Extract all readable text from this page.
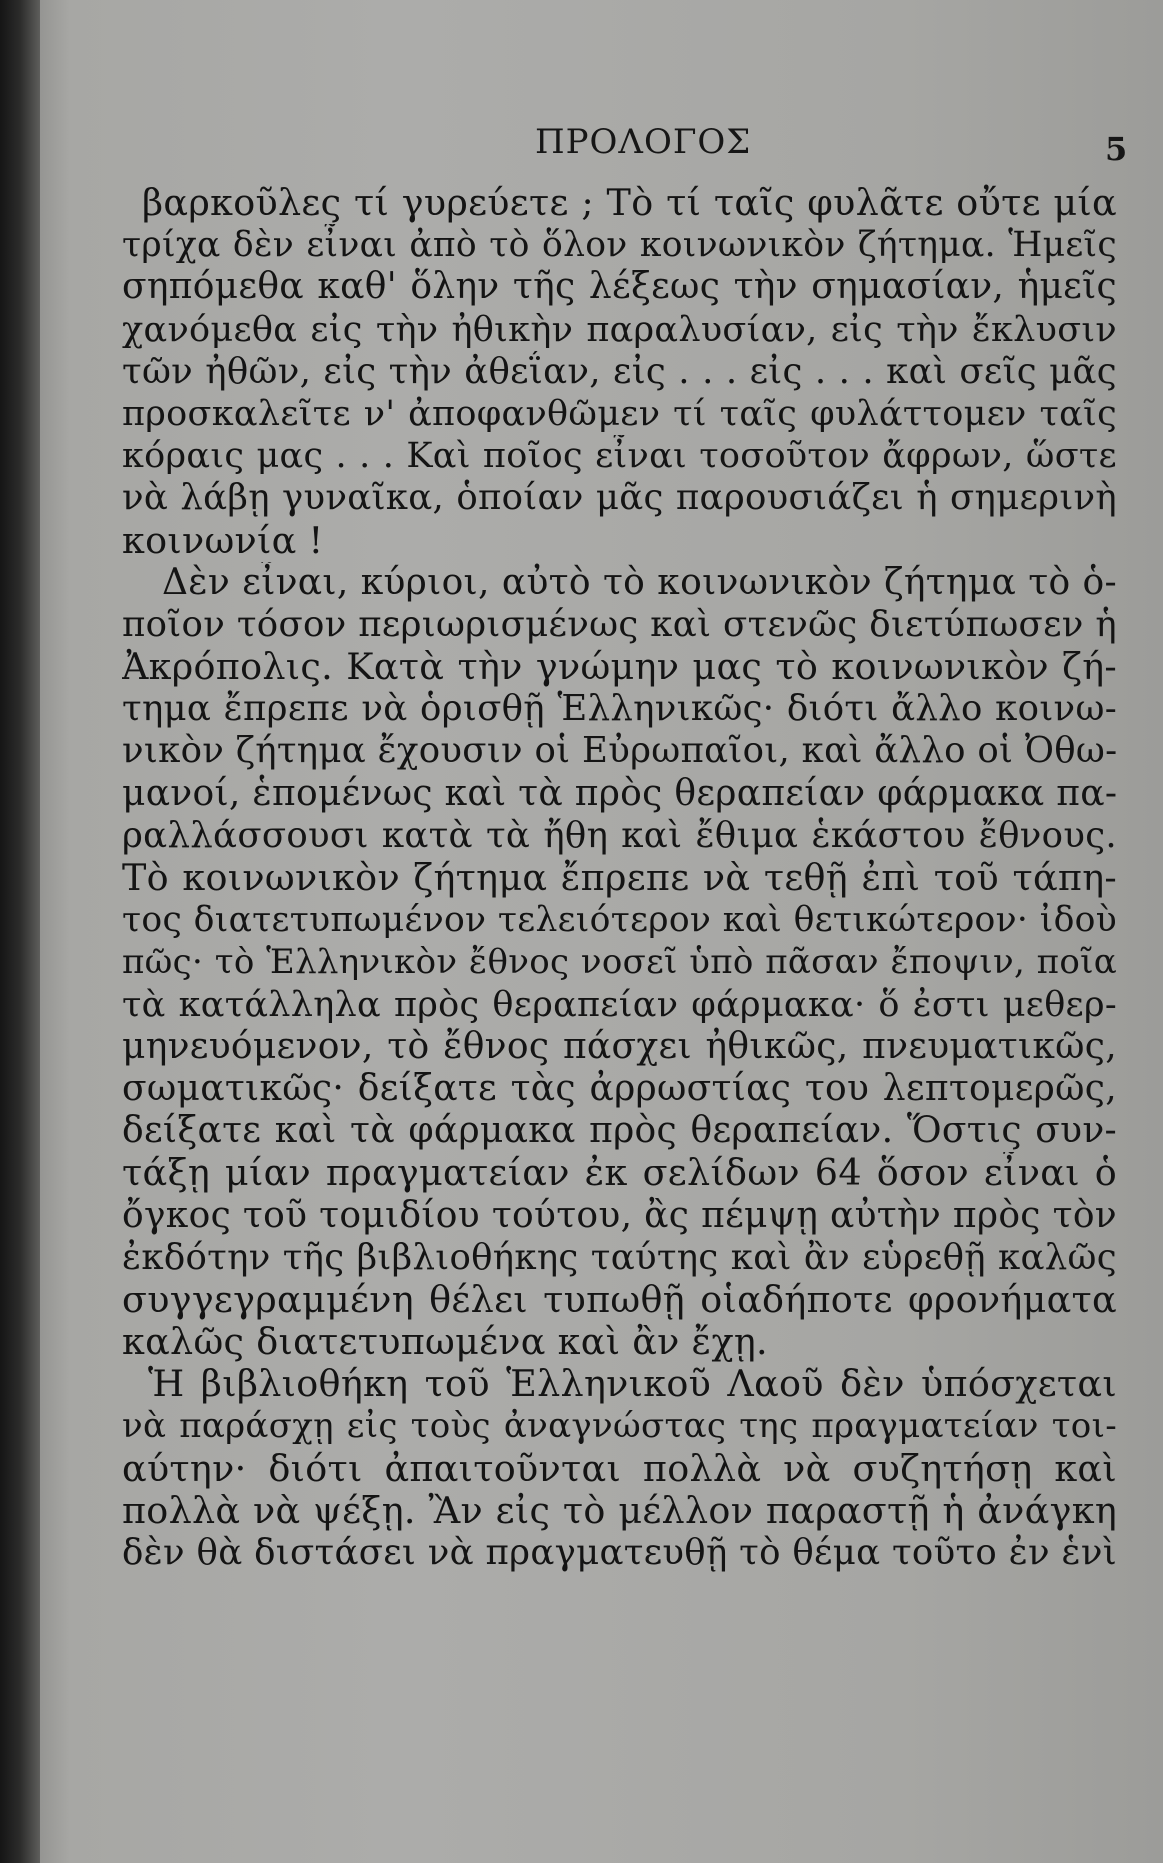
ΠΡΟΛΟΓΟΣ	5
βαρκοῦλες τί γυρεύετε ; Τὸ τί ταῖς φυλᾶτε οὔτε μία
τρίχα δὲν εἶναι ἀπὸ τὸ ὅλον κοινωνικὸν ζήτημα. Ἡμεῖς
σηπόμεθα καθ' ὅλην τῆς λέξεως τὴν σημασίαν, ἡμεῖς
χανόμεθα εἰς τὴν ἠθικὴν παραλυσίαν, εἰς τὴν ἔκλυσιν
τῶν ἠθῶν, εἰς τὴν ἀθεΐαν, εἰς . . . εἰς . . . καὶ σεῖς μᾶς
προσκαλεῖτε ν' ἀποφανθῶμεν τί ταῖς φυλάττομεν ταῖς
κόραις μας . . . Καὶ ποῖος εἶναι τοσοῦτον ἄφρων, ὥστε
νὰ λάβῃ γυναῖκα, ὁποίαν μᾶς παρουσιάζει ἡ σημερινὴ
κοινωνία !
Δὲν εἶναι, κύριοι, αὐτὸ τὸ κοινωνικὸν ζήτημα τὸ ὁ-
ποῖον τόσον περιωρισμένως καὶ στενῶς διετύπωσεν ἡ
Ἀκρόπολις. Κατὰ τὴν γνώμην μας τὸ κοινωνικὸν ζή-
τημα ἔπρεπε νὰ ὁρισθῇ Ἑλληνικῶς· διότι ἄλλο κοινω-
νικὸν ζήτημα ἔχουσιν οἱ Εὐρωπαῖοι, καὶ ἄλλο οἱ Ὀθω-
μανοί, ἑπομένως καὶ τὰ πρὸς θεραπείαν φάρμακα πα-
ραλλάσσουσι κατὰ τὰ ἤθη καὶ ἔθιμα ἑκάστου ἔθνους.
Τὸ κοινωνικὸν ζήτημα ἔπρεπε νὰ τεθῇ ἐπὶ τοῦ τάπη-
τος διατετυπωμένον τελειότερον καὶ θετικώτερον· ἰδοὺ
πῶς· τὸ Ἑλληνικὸν ἔθνος νοσεῖ ὑπὸ πᾶσαν ἔποψιν, ποῖα
τὰ κατάλληλα πρὸς θεραπείαν φάρμακα· ὅ ἐστι μεθερ-
μηνευόμενον, τὸ ἔθνος πάσχει ἠθικῶς, πνευματικῶς,
σωματικῶς· δείξατε τὰς ἀρρωστίας του λεπτομερῶς,
δείξατε καὶ τὰ φάρμακα πρὸς θεραπείαν. Ὅστις συν-
τάξῃ μίαν πραγματείαν ἐκ σελίδων 64 ὅσον εἶναι ὁ
ὄγκος τοῦ τομιδίου τούτου, ἂς πέμψῃ αὐτὴν πρὸς τὸν
ἐκδότην τῆς βιβλιοθήκης ταύτης καὶ ἂν εὑρεθῇ καλῶς
συγγεγραμμένη θέλει τυπωθῇ οἱαδήποτε φρονήματα
καλῶς διατετυπωμένα καὶ ἂν ἔχῃ.
Ἡ βιβλιοθήκη τοῦ Ἑλληνικοῦ Λαοῦ δὲν ὑπόσχεται
νὰ παράσχῃ εἰς τοὺς ἀναγνώστας της πραγματείαν τοι-
αύτην· διότι ἀπαιτοῦνται πολλὰ νὰ συζητήσῃ καὶ
πολλὰ νὰ ψέξῃ. Ἂν εἰς τὸ μέλλον παραστῇ ἡ ἀνάγκη
δὲν θὰ διστάσει νὰ πραγματευθῇ τὸ θέμα τοῦτο ἐν ἑνὶ
